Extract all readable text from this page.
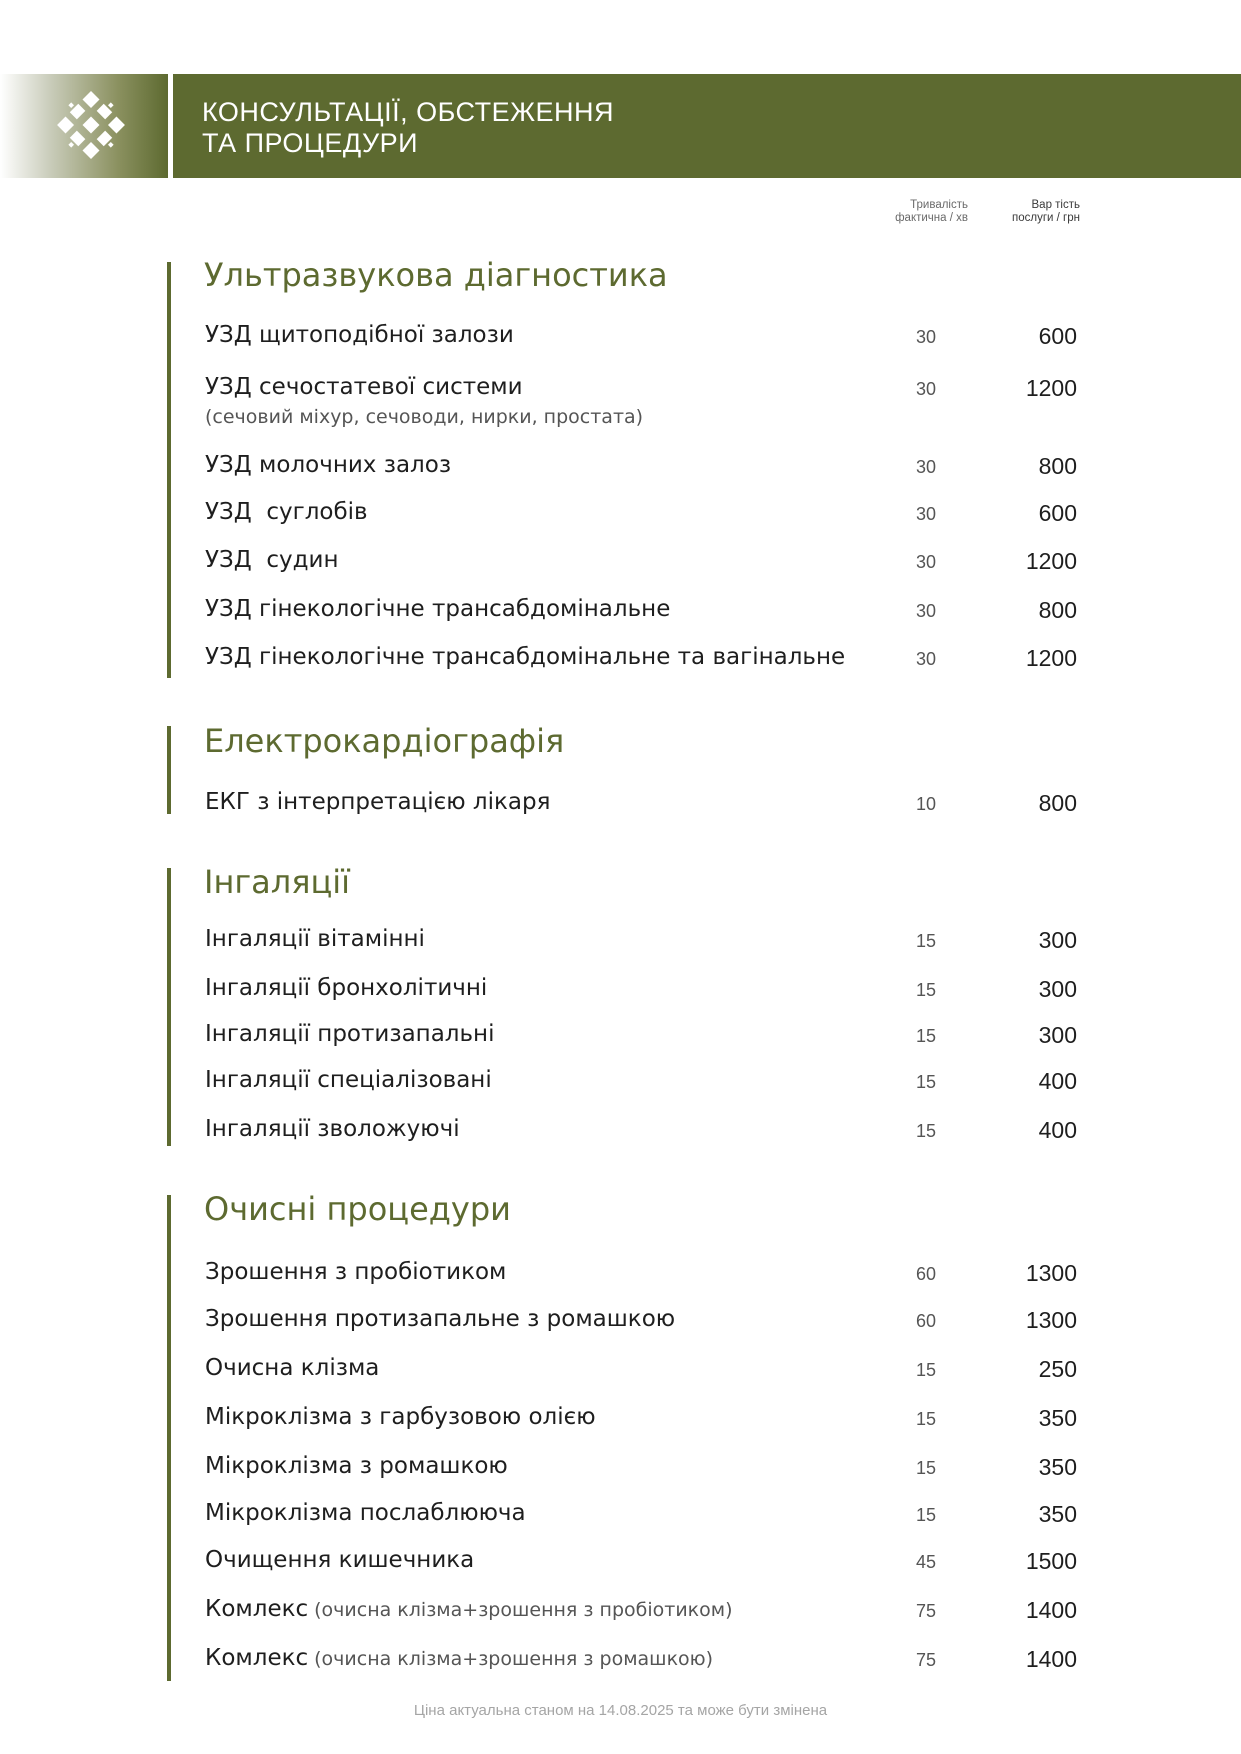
КОНСУЛЬТАЦІЇ, ОБСТЕЖЕННЯ
ТА ПРОЦЕДУРИ
Тривалість
фактична / хв
Вар тість
послуги / грн
Ультразвукова діагностика
УЗД щитоподібної залози	30	600
УЗД сечостатевої системи	30	1200
(сечовий міхур, сечоводи, нирки, простата)
УЗД молочних залоз	30	800
УЗД  суглобів	30	600
УЗД  судин	30	1200
УЗД гінекологічне трансабдомінальне	30	800
УЗД гінекологічне трансабдомінальне та вагінальне	30	1200
Електрокардіографія
ЕКГ з інтерпретацією лікаря	10	800
Інгаляції
Інгаляції вітамінні	15	300
Інгаляції бронхолітичні	15	300
Інгаляції протизапальні	15	300
Інгаляції спеціалізовані	15	400
Інгаляції зволожуючі	15	400
Очисні процедури
Зрошення з пробіотиком	60	1300
Зрошення протизапальне з ромашкою	60	1300
Очисна клізма	15	250
Мікроклізма з гарбузовою олією	15	350
Мікроклізма з ромашкою	15	350
Мікроклізма послаблююча	15	350
Очищення кишечника	45	1500
Комлекс (очисна клізма+зрошення з пробіотиком)	75	1400
Комлекс (очисна клізма+зрошення з ромашкою)	75	1400
Ціна актуальна станом на 14.08.2025 та може бути змінена
